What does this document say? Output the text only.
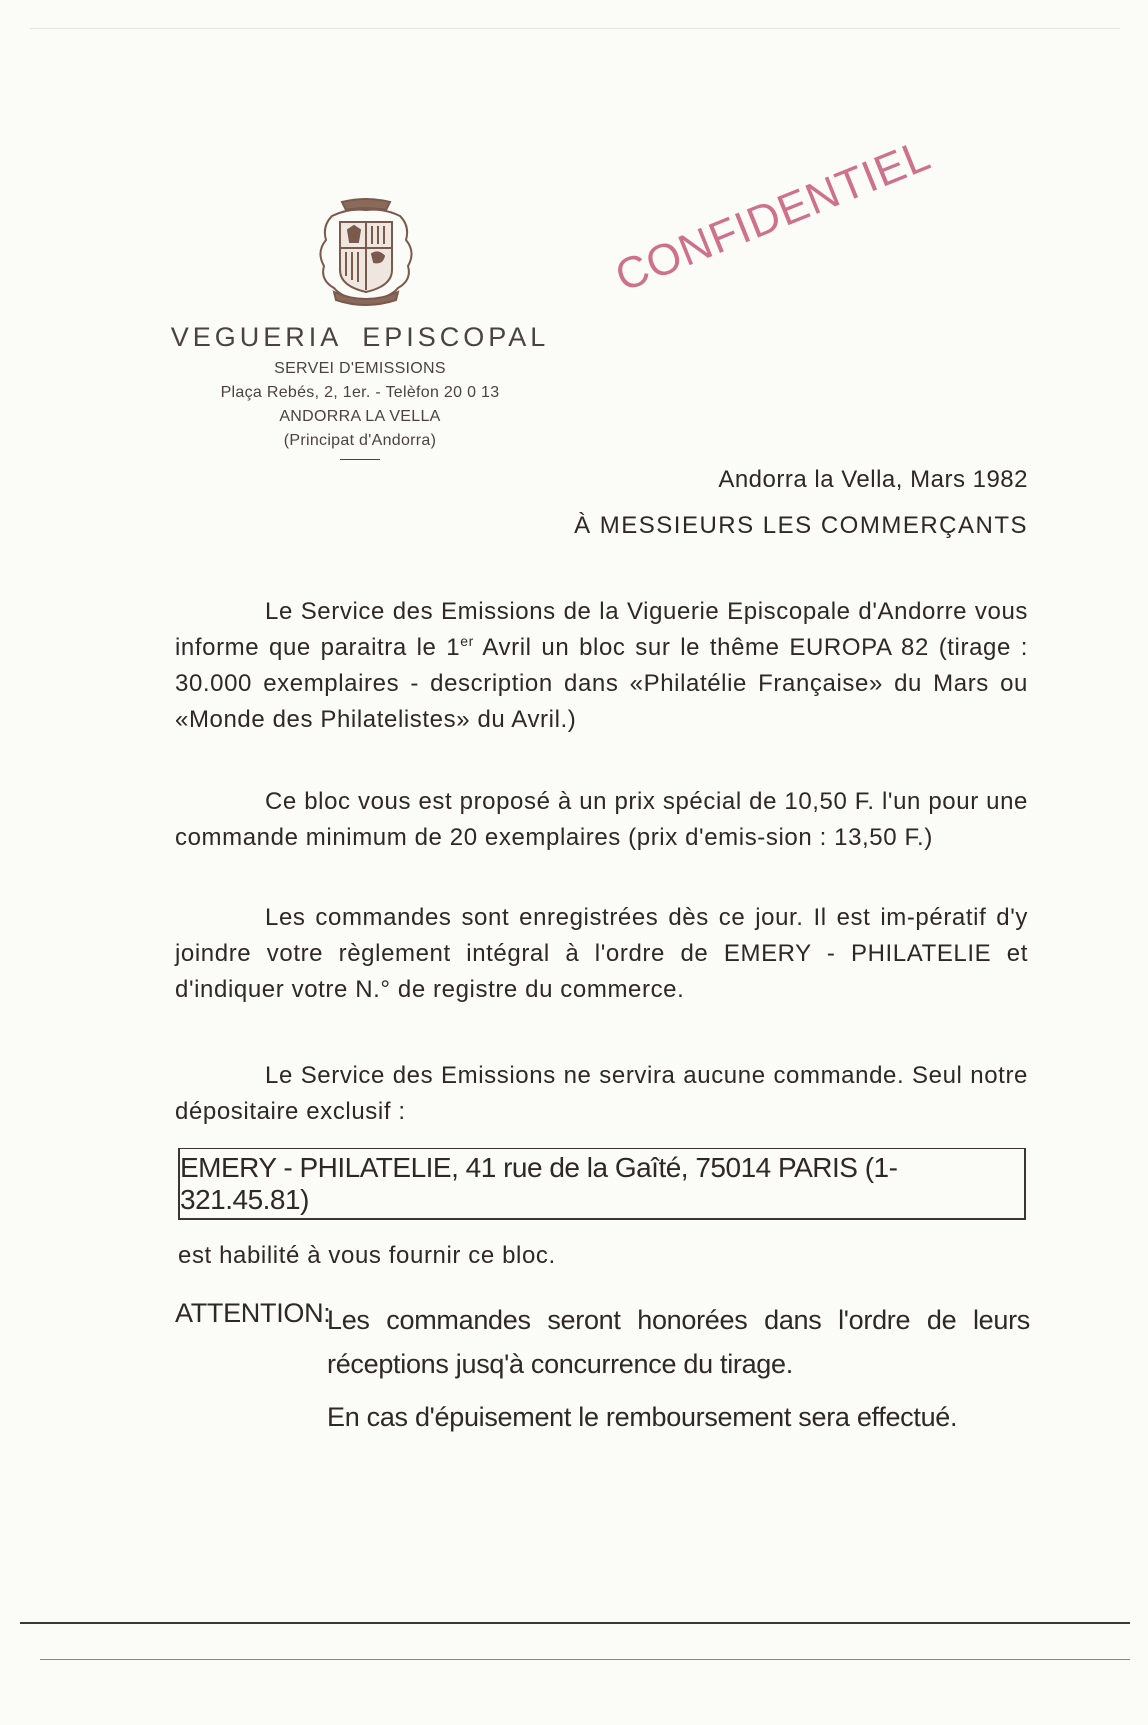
VEGUERIA EPISCOPAL
SERVEI D'EMISSIONS
Plaça Rebés, 2, 1er. - Telèfon 20 0 13
ANDORRA LA VELLA
(Principat d'Andorra)
CONFIDENTIEL
Andorra la Vella, Mars 1982
À MESSIEURS LES COMMERÇANTS
Le Service des Emissions de la Viguerie Episcopale d'Andorre vous informe que paraitra le 1er Avril un bloc sur le thême EUROPA 82 (tirage : 30.000 exemplaires - description dans «Philatélie Française» du Mars ou «Monde des Philatelistes» du Avril.)
Ce bloc vous est proposé à un prix spécial de 10,50 F. l'un pour une commande minimum de 20 exemplaires (prix d'emis-sion : 13,50 F.)
Les commandes sont enregistrées dès ce jour. Il est im-pératif d'y joindre votre règlement intégral à l'ordre de EMERY - PHILATELIE et d'indiquer votre N.° de registre du commerce.
Le Service des Emissions ne servira aucune commande. Seul notre dépositaire exclusif :
EMERY - PHILATELIE, 41 rue de la Gaîté, 75014 PARIS (1-321.45.81)
est habilité à vous fournir ce bloc.
ATTENTION:
Les commandes seront honorées dans l'ordre de leurs réceptions jusq'à concurrence du tirage.
En cas d'épuisement le remboursement sera effectué.
